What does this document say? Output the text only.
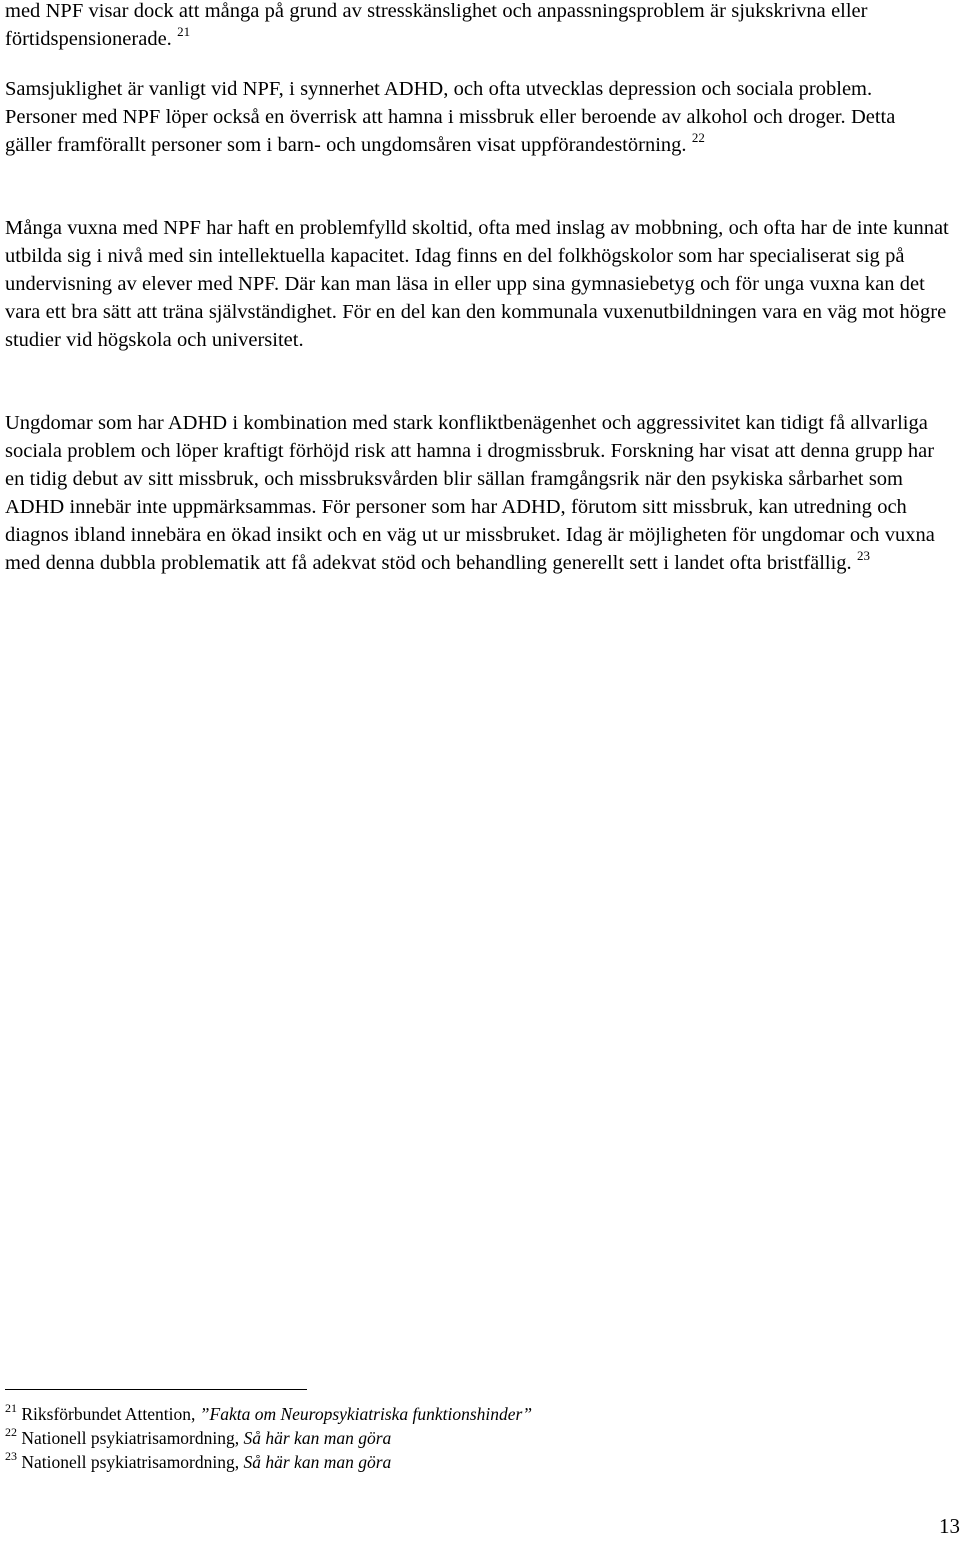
med NPF visar dock att många på grund av stresskänslighet och anpassningsproblem är sjukskrivna eller förtidspensionerade. $^{21}$

Samsjuklighet är vanligt vid NPF, i synnerhet ADHD, och ofta utvecklas depression och sociala problem. Personer med NPF löper också en överrisk att hamna i missbruk eller beroende av alkohol och droger. Detta gäller framförallt personer som i barn- och ungdomsåren visat uppförandestörning. $^{22}$

Många vuxna med NPF har haft en problemfylld skoltid, ofta med inslag av mobbning, och ofta har de inte kunnat utbilda sig i nivå med sin intellektuella kapacitet. Idag finns en del folkhögskolor som har specialiserat sig på undervisning av elever med NPF. Där kan man läsa in eller upp sina gymnasiebetyg och för unga vuxna kan det vara ett bra sätt att träna självständighet. För en del kan den kommunala vuxenutbildningen vara en väg mot högre studier vid högskola och universitet.

Ungdomar som har ADHD i kombination med stark konfliktbenägenhet och aggressivitet kan tidigt få allvarliga sociala problem och löper kraftigt förhöjd risk att hamna i drogmissbruk. Forskning har visat att denna grupp har en tidig debut av sitt missbruk, och missbruksvården blir sällan framgångsrik när den psykiska sårbarhet som ADHD innebär inte uppmärksammas. För personer som har ADHD, förutom sitt missbruk, kan utredning och diagnos ibland innebära en ökad insikt och en väg ut ur missbruket. Idag är möjligheten för ungdomar och vuxna med denna dubbla problematik att få adekvat stöd och behandling generellt sett i landet ofta bristfällig. $^{23}$

$^{21}$ Riksförbundet Attention, ”Fakta om Neuropsykiatriska funktionshinder”

$^{22}$ Nationell psykiatrisamordning, Så här kan man göra

$^{23}$ Nationell psykiatrisamordning, Så här kan man göra

13
